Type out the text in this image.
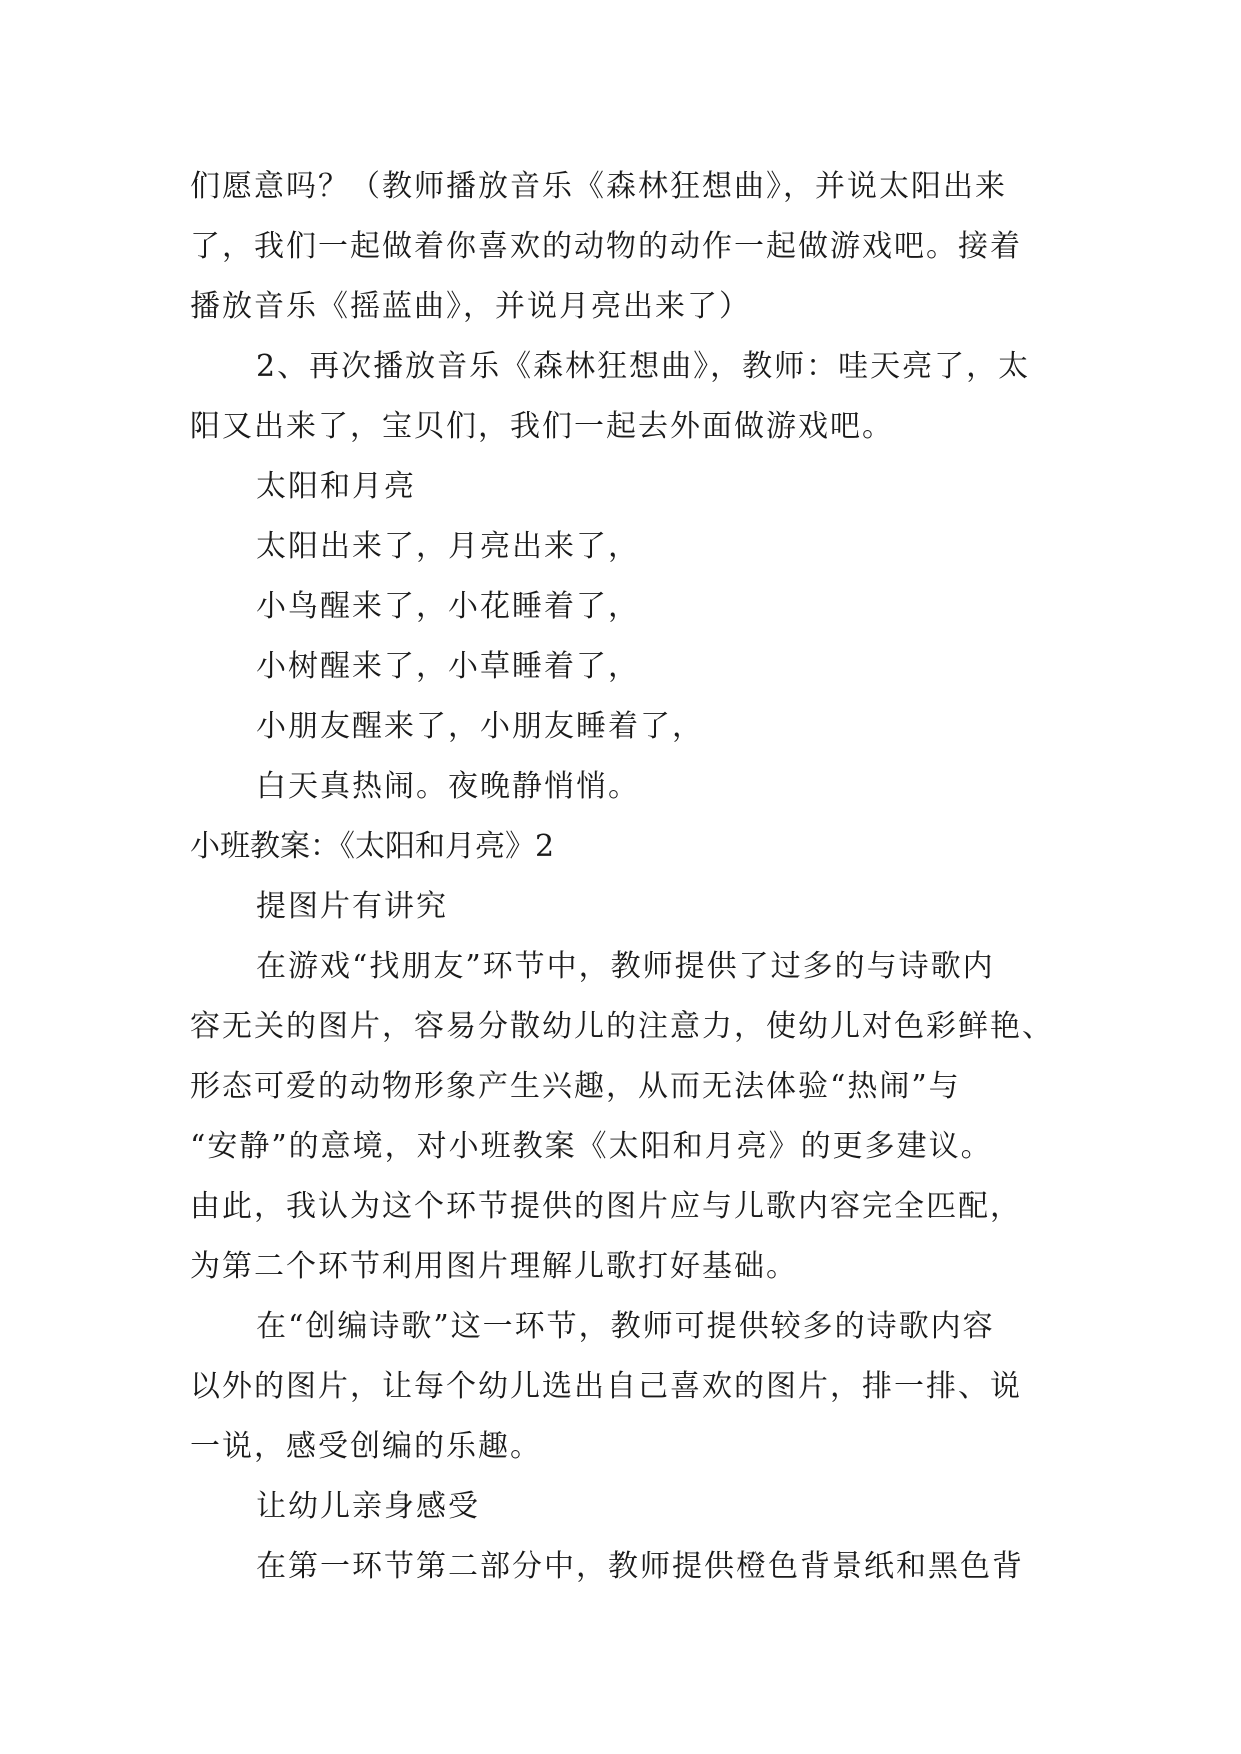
们愿意吗？（教师播放音乐《森林狂想曲》，并说太阳出来
了，我们一起做着你喜欢的动物的动作一起做游戏吧。接着
播放音乐《摇蓝曲》，并说月亮出来了）
2、再次播放音乐《森林狂想曲》，教师：哇天亮了，太
阳又出来了，宝贝们，我们一起去外面做游戏吧。
太阳和月亮
太阳出来了，月亮出来了，
小鸟醒来了，小花睡着了，
小树醒来了，小草睡着了，
小朋友醒来了，小朋友睡着了，
白天真热闹。夜晚静悄悄。
小班教案：《太阳和月亮》2
提图片有讲究
在游戏“找朋友”环节中，教师提供了过多的与诗歌内
容无关的图片，容易分散幼儿的注意力，使幼儿对色彩鲜艳、
形态可爱的动物形象产生兴趣，从而无法体验“热闹”与
“安静”的意境，对小班教案《太阳和月亮》的更多建议。
由此，我认为这个环节提供的图片应与儿歌内容完全匹配，
为第二个环节利用图片理解儿歌打好基础。
在“创编诗歌”这一环节，教师可提供较多的诗歌内容
以外的图片，让每个幼儿选出自己喜欢的图片，排一排、说
一说，感受创编的乐趣。
让幼儿亲身感受
在第一环节第二部分中，教师提供橙色背景纸和黑色背
